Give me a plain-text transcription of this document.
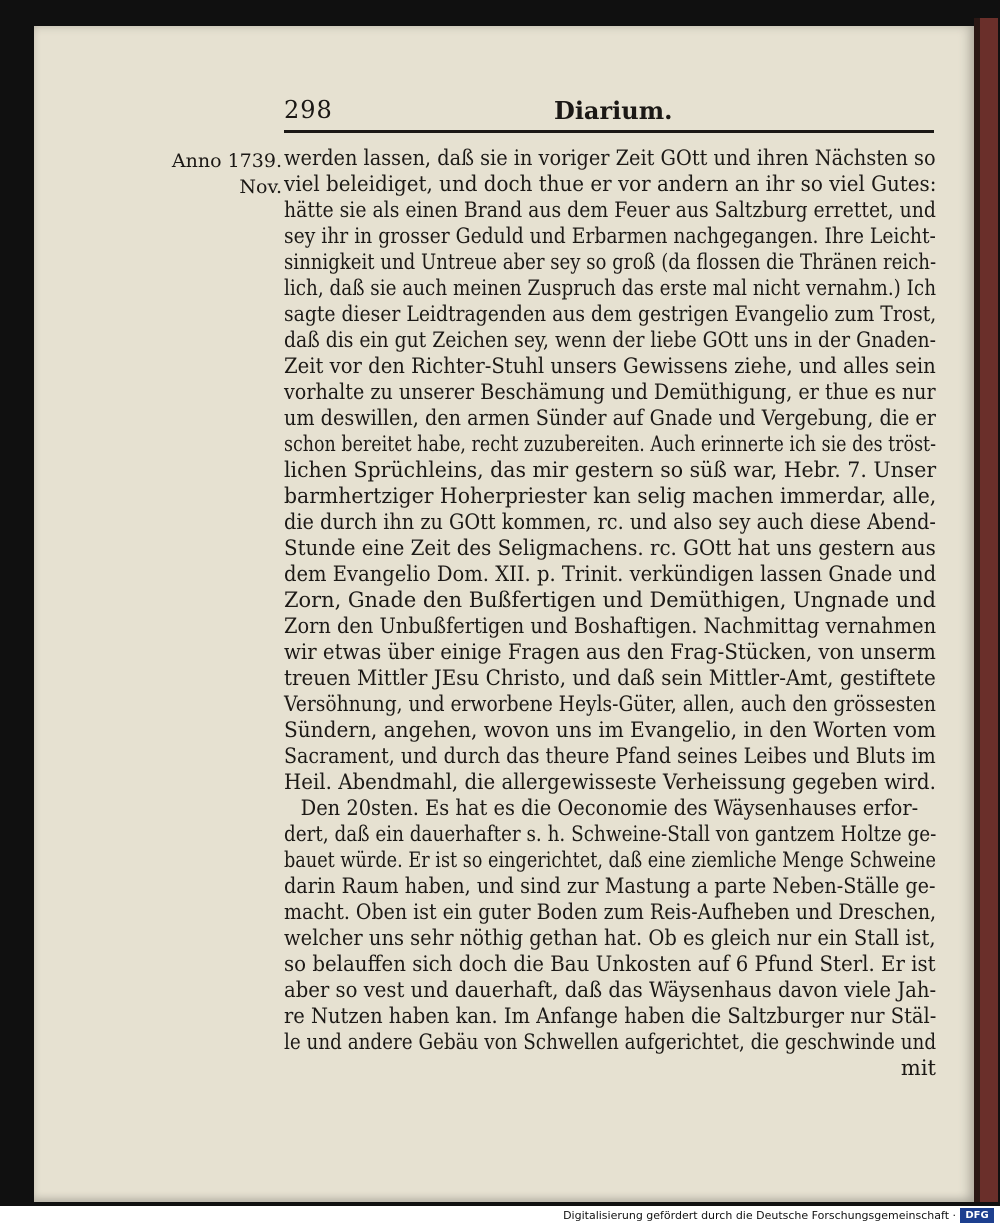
298	Diarium.
Anno 1739.
Nov.
werden lassen, daß sie in voriger Zeit GOtt und ihren Nächsten so
viel beleidiget, und doch thue er vor andern an ihr so viel Gutes:
hätte sie als einen Brand aus dem Feuer aus Saltzburg errettet, und
sey ihr in grosser Geduld und Erbarmen nachgegangen. Ihre Leicht-
sinnigkeit und Untreue aber sey so groß (da flossen die Thränen reich-
lich, daß sie auch meinen Zuspruch das erste mal nicht vernahm.) Ich
sagte dieser Leidtragenden aus dem gestrigen Evangelio zum Trost,
daß dis ein gut Zeichen sey, wenn der liebe GOtt uns in der Gnaden-
Zeit vor den Richter-Stuhl unsers Gewissens ziehe, und alles sein
vorhalte zu unserer Beschämung und Demüthigung, er thue es nur
um deswillen, den armen Sünder auf Gnade und Vergebung, die er
schon bereitet habe, recht zuzubereiten. Auch erinnerte ich sie des tröst-
lichen Sprüchleins, das mir gestern so süß war, Hebr. 7. Unser
barmhertziger Hoherpriester kan selig machen immerdar, alle,
die durch ihn zu GOtt kommen, rc. und also sey auch diese Abend-
Stunde eine Zeit des Seligmachens. rc. GOtt hat uns gestern aus
dem Evangelio Dom. XII. p. Trinit. verkündigen lassen Gnade und
Zorn, Gnade den Bußfertigen und Demüthigen, Ungnade und
Zorn den Unbußfertigen und Boshaftigen. Nachmittag vernahmen
wir etwas über einige Fragen aus den Frag-Stücken, von unserm
treuen Mittler JEsu Christo, und daß sein Mittler-Amt, gestiftete
Versöhnung, und erworbene Heyls-Güter, allen, auch den grössesten
Sündern, angehen, wovon uns im Evangelio, in den Worten vom
Sacrament, und durch das theure Pfand seines Leibes und Bluts im
Heil. Abendmahl, die allergewisseste Verheissung gegeben wird.
Den 20sten. Es hat es die Oeconomie des Wäysenhauses erfor-
dert, daß ein dauerhafter s. h. Schweine-Stall von gantzem Holtze ge-
bauet würde. Er ist so eingerichtet, daß eine ziemliche Menge Schweine
darin Raum haben, und sind zur Mastung a parte Neben-Ställe ge-
macht. Oben ist ein guter Boden zum Reis-Aufheben und Dreschen,
welcher uns sehr nöthig gethan hat. Ob es gleich nur ein Stall ist,
so belauffen sich doch die Bau Unkosten auf 6 Pfund Sterl. Er ist
aber so vest und dauerhaft, daß das Wäysenhaus davon viele Jah-
re Nutzen haben kan. Im Anfange haben die Saltzburger nur Stäl-
le und andere Gebäu von Schwellen aufgerichtet, die geschwinde und
mit
Digitalisierung gefördert durch die Deutsche Forschungsgemeinschaft · DFG
